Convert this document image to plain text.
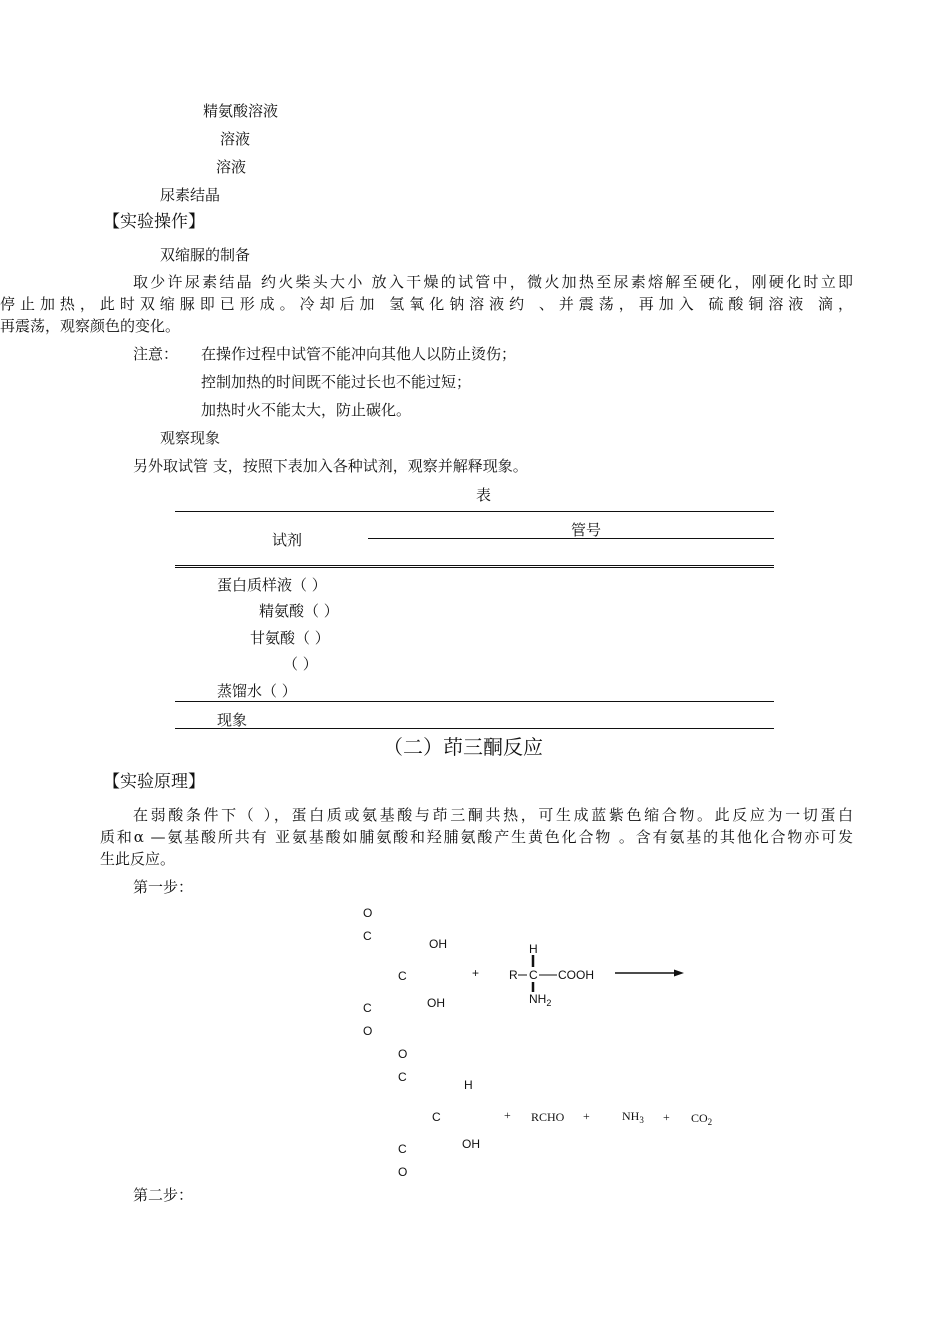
精氨酸溶液
溶液
溶液
尿素结晶
【实验操作】
双缩脲的制备
取少许尿素结晶 约火柴头大小 放入干燥的试管中，微火加热至尿素熔解至硬化，刚硬化时立即
停止加热，此时双缩脲即已形成。冷却后加 氢氧化钠溶液约 、并震荡，再加入 硫酸铜溶液 滴，
再震荡，观察颜色的变化。
注意： 在操作过程中试管不能冲向其他人以防止烫伤；
控制加热的时间既不能过长也不能过短；
加热时火不能太大，防止碳化。
观察现象
另外取试管 支，按照下表加入各种试剂，观察并解释现象。
表
管号
试剂
蛋白质样液（ ）
精氨酸（ ）
甘氨酸（ ）
（ ）
蒸馏水（ ）
现象
（二）茚三酮反应
【实验原理】
在弱酸条件下（ ），蛋白质或氨基酸与茚三酮共热，可生成蓝紫色缩合物。此反应为一切蛋白
质和α —氨基酸所共有 亚氨基酸如脯氨酸和羟脯氨酸产生黄色化合物 。含有氨基的其他化合物亦可发
生此反应。
第一步：
O
C
OH
C
OH
C
O
+
H
R C COOH
$NH_2$
O
C
H
C
OH
C
O
+ RCHO +	$NH_3 + CO_2$
第二步：
